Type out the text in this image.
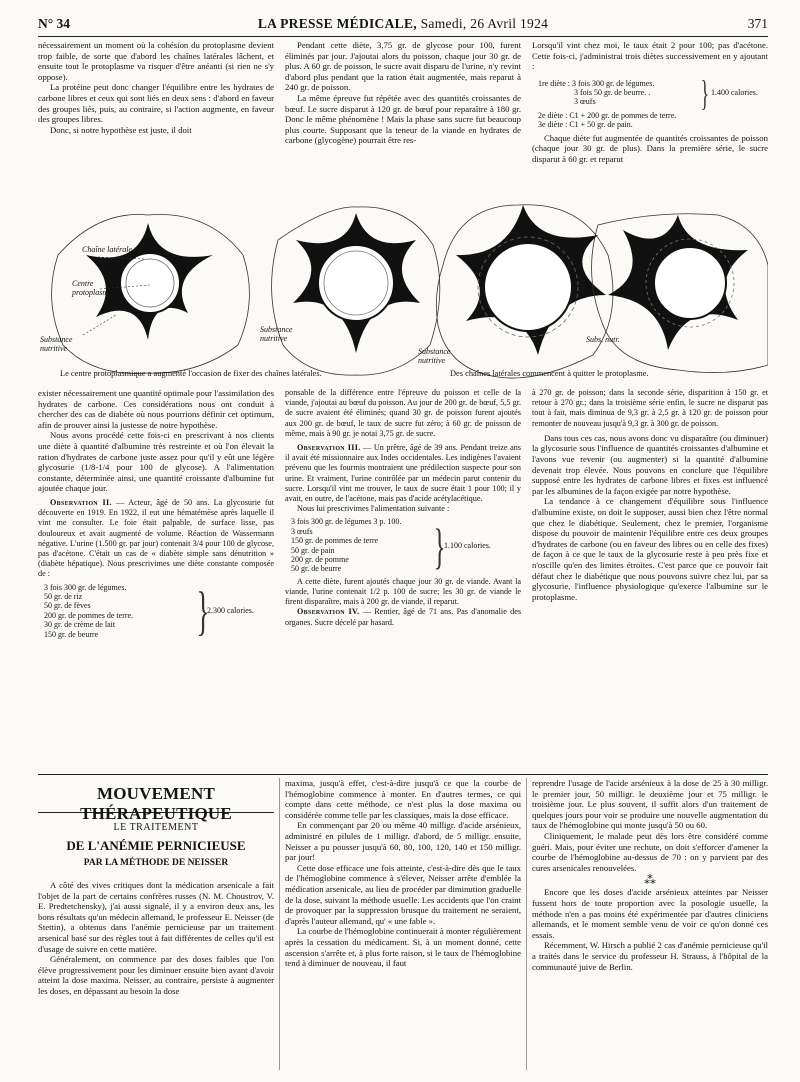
N° 34	LA PRESSE MÉDICALE, Samedi, 26 Avril 1924	371

nécessairement un moment où la cohésion du protoplasme devient trop faible, de sorte que d'abord les chaînes latérales lâchent, et ensuite tout le protoplasme va risquer d'être anéanti (si rien ne s'y oppose).

La protéine peut donc changer l'équilibre entre les hydrates de carbone libres et ceux qui sont liés en deux sens : d'abord en faveur des groupes liés, puis, au contraire, si l'action augmente, en faveur des groupes libres.

Donc, si notre hypothèse est juste, il doit

Pendant cette diète, 3,75 gr. de glycose pour 100, furent éliminés par jour. J'ajoutai alors du poisson, chaque jour 30 gr. de plus. A 60 gr. de poisson, le sucre avait disparu de l'urine, n'y revint d'abord plus pendant que la ration était augmentée, mais reparut à 240 gr. de poisson.

La même épreuve fut répétée avec des quantités croissantes de bœuf. Le sucre disparut à 120 gr. de bœuf pour reparaître à 180 gr. Donc le même phénomène ! Mais la phase sans sucre fut beaucoup plus courte. Supposant que la teneur de la viande en hydrates de carbone (glycogène) pourrait être res-

Lorsqu'il vint chez moi, le taux était 2 pour 100; pas d'acétone. Cette fois-ci, j'administrai trois diètes successivement en y ajoutant :

1re diète : 3 fois 300 gr. de légumes.
3 fois 50 gr. de beurre. .
3 œufs	} 1.400 calories.
2e diète : C1 + 200 gr. de pommes de terre.
3e diète : C1 + 50 gr. de pain.

Chaque diète fut augmentée de quantités croissantes de poisson (chaque jour 30 gr. de plus). Dans la première série, le sucre disparut à 60 gr. et reparut

Chaîne latérale
Centre protoplasmique
Substance nutritive
Substance nutritive
Substance nutritive
Subs. nutr.
Le centre protoplasmique a augmenté l'occasion de fixer des chaînes latérales.	Des chaînes latérales commencent à quitter le protoplasme.

exister nécessairement une quantité optimale pour l'assimilation des hydrates de carbone. Ces considérations nous ont conduit à chercher des cas de diabète où nous pourrions définir cet optimum, afin de prouver ainsi la justesse de notre hypothèse.

Nous avons procédé cette fois-ci en prescrivant à nos clients une diète à quantité d'albumine très restreinte et où l'on élevait la ration d'hydrates de carbone juste assez pour qu'il y eût une légère glycosurie (1/8-1/4 pour 100 de glycose). A l'alimentation constante, déterminée ainsi, une quantité croissante d'albumine fut ajoutée chaque jour.

Observation II. — Acteur, âgé de 50 ans. La glycosurie fut découverte en 1919. En 1922, il eut une hématémèse après laquelle il vint me consulter. Le foie était palpable, de surface lisse, pas douloureux et avait augmenté de volume. Réaction de Wassermann négative. L'urine (1.500 gr. par jour) contenait 3/4 pour 100 de glycose, pas d'acétone. C'était un cas de « diabète simple sans dénutrition » (diabète hépatique). Nous prescrivimes une diète constante composée de :

3 fois 300 gr. de légumes.
50 gr. de riz
50 gr. de fèves
200 gr. de pommes de terre.
30 gr. de crème de lait
150 gr. de beurre	}
2.300 calories.

ponsable de la différence entre l'épreuve du poisson et celle de la viande, j'ajoutai au bœuf du poisson. Au jour de 200 gr. de bœuf, 5,5 gr. de sucre avaient été éliminés; quand 30 gr. de poisson furent ajoutés aux 200 gr. de bœuf, le taux de sucre fut zéro; à 60 gr. de poisson de même, mais à 90 gr. je notai 3,75 gr. de sucre.

Observation III. — Un prêtre, âgé de 39 ans. Pendant treize ans il avait été missionnaire aux Indes occidentales. Les indigènes l'avaient prévenu que les fourmis montraient une prédilection suspecte pour son urine. Et vraiment, l'urine contrôlée par un médecin parut contenir du sucre. Lorsqu'il vint me trouver, le taux de sucre était 1 pour 100; il y avait, en outre, de l'acétone, mais pas d'acide acétylacétique.

Nous lui prescrivimes l'alimentation suivante :

3 fois 300 gr. de légumes 3 p. 100.
3 œufs
150 gr. de pommes de terre
50 gr. de pain
200 gr. de pomme
50 gr. de beurre	}
1.100 calories.

A cette diète, furent ajoutés chaque jour 30 gr. de viande. Avant la viande, l'urine contenait 1/2 p. 100 de sucre; les 30 gr. de viande le firent disparaître, mais à 200 gr. de viande, il reparut.

Observation IV. — Rentier, âgé de 71 ans. Pas d'anomalie des organes. Sucre décelé par hasard.

à 270 gr. de poisson; dans la seconde série, disparition à 150 gr. et retour à 270 gr.; dans la troisième série enfin, le sucre ne disparut pas tout à fait, mais diminua de 9,3 gr. à 2,5 gr. à 120 gr. de poisson pour remonter de nouveau jusqu'à 9,3 gr. à 300 gr. de poisson.

Dans tous ces cas, nous avons donc vu disparaître (ou diminuer) la glycosurie sous l'influence de quantités croissantes d'albumine et l'avons vue revenir (ou augmenter) si la quantité d'albumine devenait trop élevée. Nous pouvons en conclure que l'équilibre supposé entre les hydrates de carbone libres et fixes est influencé par les albumines de la façon exigée par notre hypothèse.

La tendance à ce changement d'équilibre sous l'influence d'albumine existe, on doit le supposer, aussi bien chez l'être normal que chez le diabétique. Seulement, chez le premier, l'organisme dispose du pouvoir de maintenir l'équilibre entre ces deux groupes d'hydrates de carbone (ou en faveur des libres ou en celle des fixes) de façon à ce que le taux de la glycosurie reste à peu près fixe et n'oscille qu'en des limites étroites. C'est parce que ce pouvoir fait défaut chez le diabétique que nous pouvons suivre chez lui, par sa glycosurie, l'influence physiologique qu'exerce l'albumine sur le protoplasme.

MOUVEMENT THÉRAPEUTIQUE
LE TRAITEMENT
DE L'ANÉMIE PERNICIEUSE
PAR LA MÉTHODE DE NEISSER

A côté des vives critiques dont la médication arsenicale a fait l'objet de la part de certains confrères russes (N. M. Choustrov, V. E. Predtetchensky), j'ai aussi signalé, il y a environ deux ans, les bons résultats qu'un médecin allemand, le professeur E. Neisser (de Stettin), a obtenus dans l'anémie pernicieuse par un traitement arsenical basé sur des règles tout à fait différentes de celles qu'il est d'usage de suivre en cette matière.

Généralement, on commence par des doses faibles que l'on élève progressivement pour les diminuer ensuite bien avant d'avoir atteint la dose maxima. Neisser, au contraire, persiste à augmenter les doses, en dépassant au besoin la dose

maxima, jusqu'à effet, c'est-à-dire jusqu'à ce que la courbe de l'hémoglobine commence à monter. En d'autres termes, ce qui compte dans cette méthode, ce n'est plus la dose maxima ou considérée comme telle par les classiques, mais la dose efficace.

En commençant par 20 ou même 40 milligr. d'acide arsénieux, administré en pilules de 1 milligr. d'abord, de 5 milligr. ensuite, Neisser a pu pousser jusqu'à 60, 80, 100, 120, 140 et 150 milligr. par jour!

Cette dose efficace une fois atteinte, c'est-à-dire dès que le taux de l'hémoglobine commence à s'élever, Neisser arrête d'emblée la médication arsenicale, au lieu de procéder par diminution graduelle de la dose, suivant la méthode usuelle. Les accidents que l'on craint de provoquer par la suppression brusque du traitement ne seraient, d'après l'auteur allemand, qu' « une fable ».

La courbe de l'hémoglobine continuerait à monter régulièrement après la cessation du médicament. Si, à un moment donné, cette ascension s'arrête et, à plus forte raison, si le taux de l'hémoglobine tend à diminuer de nouveau, il faut

reprendre l'usage de l'acide arsénieux à la dose de 25 à 30 milligr. le premier jour, 50 milligr. le deuxième jour et 75 milligr. le troisième jour. Le plus souvent, il suffit alors d'un traitement de quelques jours pour voir se produire une nouvelle augmentation du taux de l'hémoglobine qui monte jusqu'à 50 ou 60.

Cliniquement, le malade peut dès lors être considéré comme guéri. Mais, pour éviter une rechute, on doit s'efforcer d'amener la courbe de l'hémoglobine au-dessus de 70 : on y parvient par des cures arsenicales renouvelées.

⁂

Encore que les doses d'acide arsénieux atteintes par Neisser fussent hors de toute proportion avec la posologie usuelle, la méthode n'en a pas moins été expérimentée par d'autres cliniciens allemands, et le moment semble venu de voir ce qu'on donné ces essais.

Récemment, W. Hirsch a publié 2 cas d'anémie pernicieuse qu'il a traités dans le service du professeur H. Strauss, à l'hôpital de la communauté juive de Berlin.
